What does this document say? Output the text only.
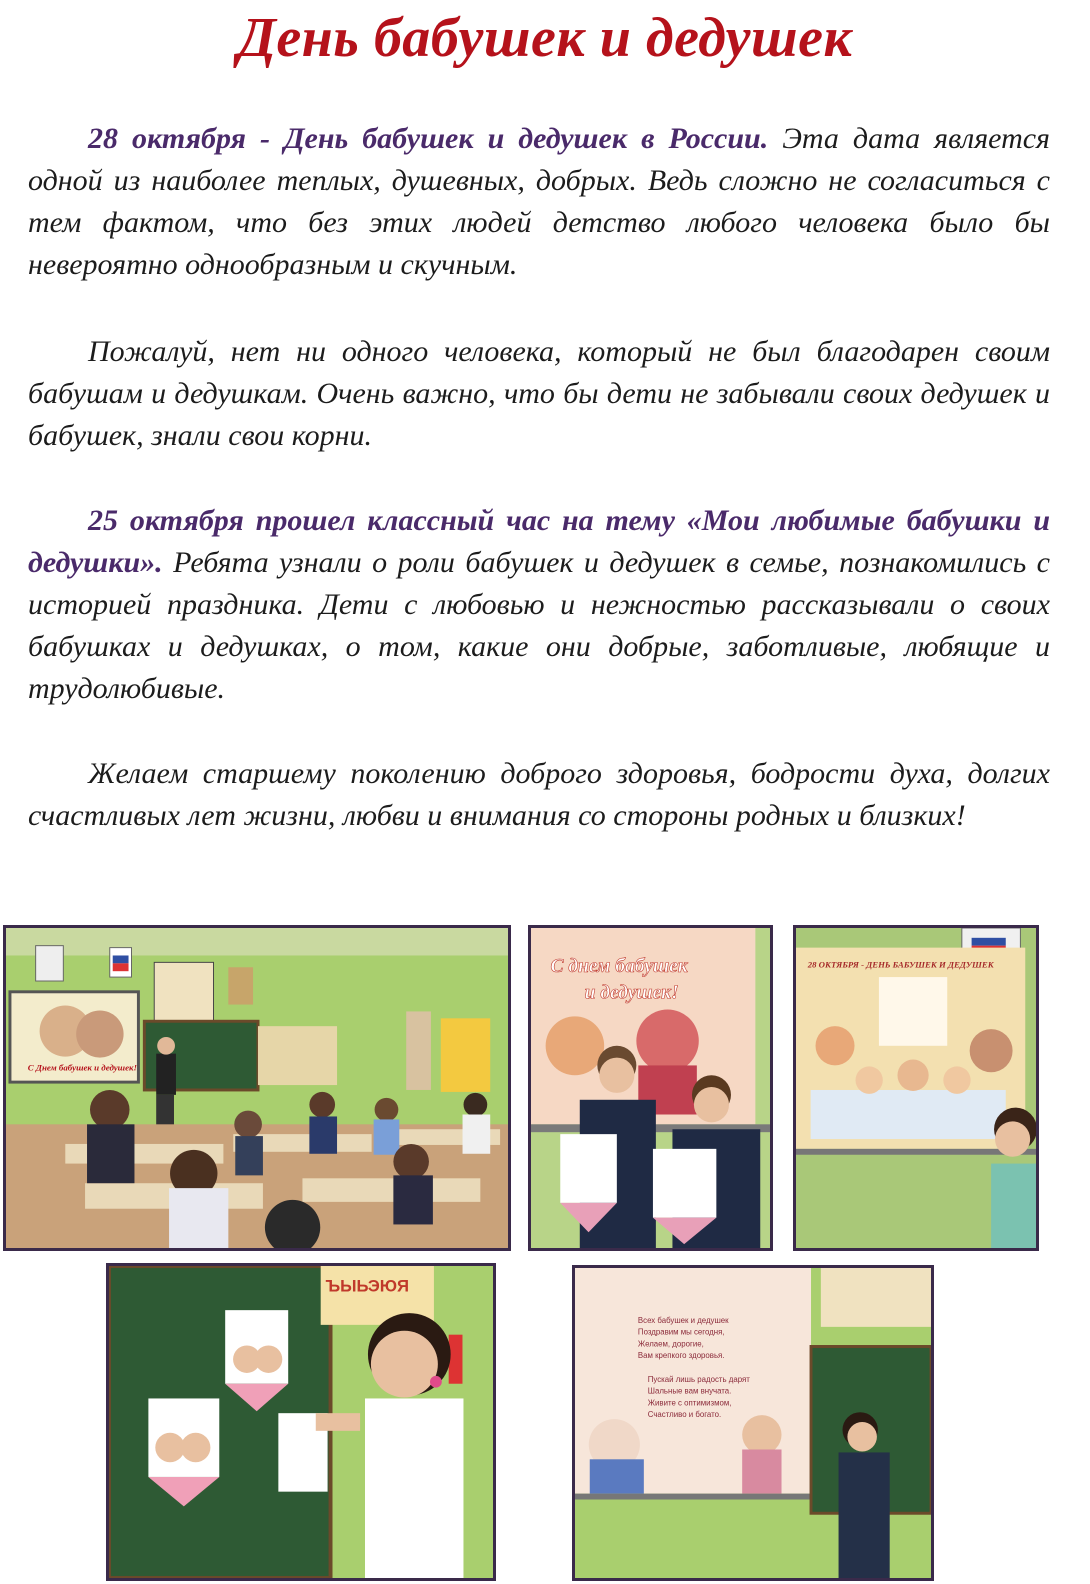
День бабушек и дедушек

28 октября - День бабушек и дедушек в России. Эта дата является одной из наиболее теплых, душевных, добрых. Ведь сложно не согласиться с тем фактом, что без этих людей детство любого человека было бы невероятно однообразным и скучным.

Пожалуй, нет ни одного человека, который не был благодарен своим бабушам и дедушкам. Очень важно, что бы дети не забывали своих дедушек и бабушек, знали свои корни.

25 октября прошел классный час на тему «Мои любимые бабушки и дедушки». Ребята узнали о роли бабушек и дедушек в семье, познакомились с историей праздника. Дети с любовью и нежностью рассказывали о своих бабушках и дедушках, о том, какие они добрые, заботливые, любящие и трудолюбивые.

Желаем старшему поколению доброго здоровья, бодрости духа, долгих счастливых лет жизни, любви и внимания со стороны родных и близких!

С Днем бабушек и дедушек!
С днем бабушек
и дедушек!
28 ОКТЯБРЯ - ДЕНЬ БАБУШЕК И ДЕДУШЕК
ЪЫЬЭЮЯ
Всех бабушек и дедушек
Поздравим мы сегодня,
Желаем, дорогие,
Вам крепкого здоровья.
Пускай лишь радость дарят
Шальные вам внучата.
Живите с оптимизмом,
Счастливо и богато.
